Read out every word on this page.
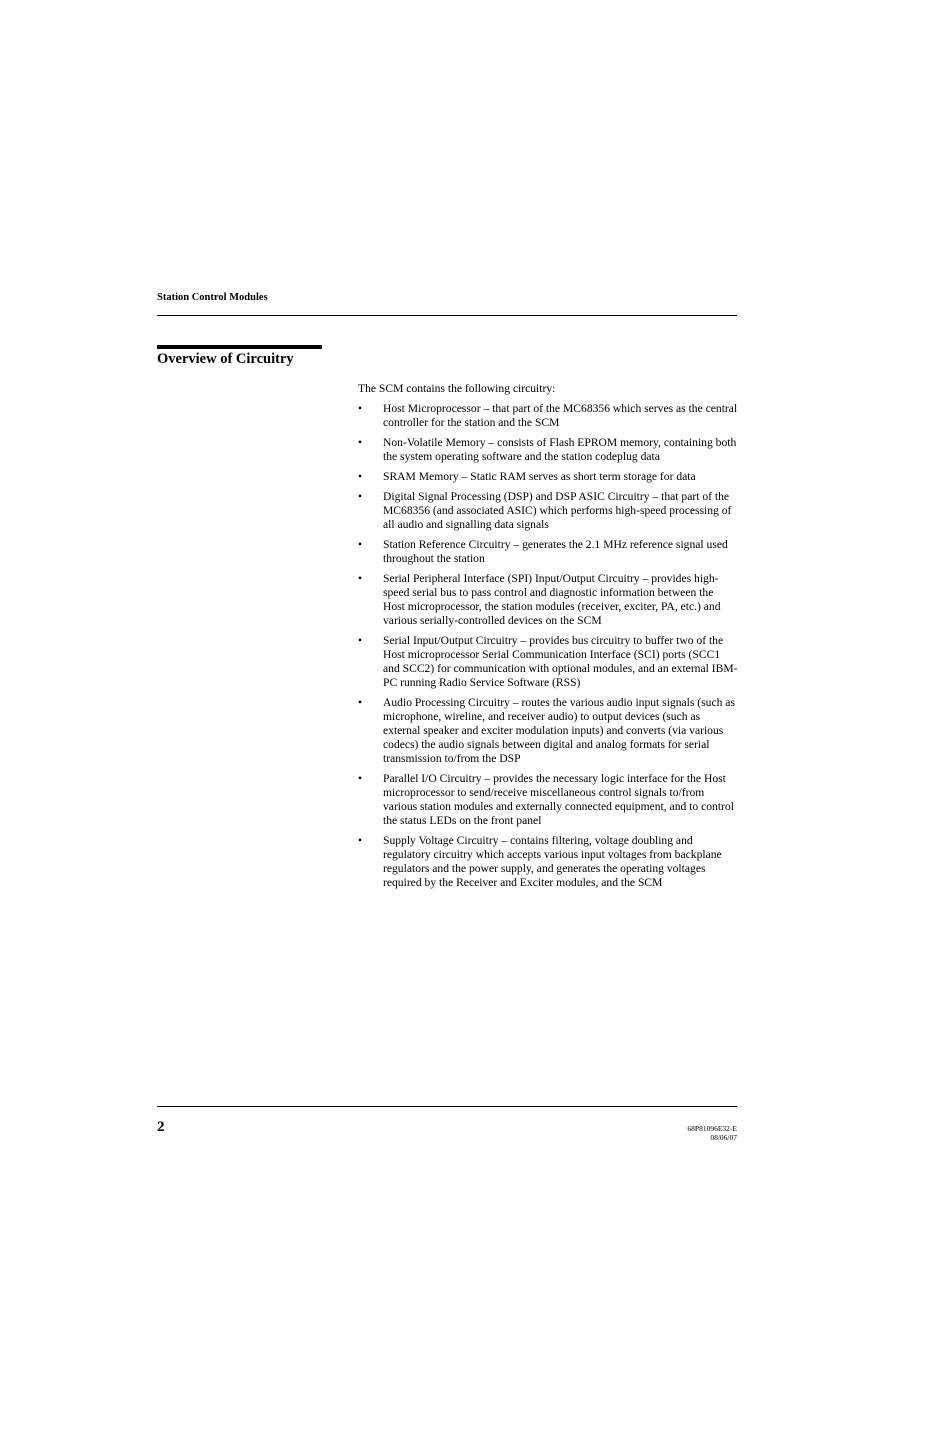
Station Control Modules
Overview of Circuitry

The SCM contains the following circuitry:

• Host Microprocessor – that part of the MC68356 which serves as the central controller for the station and the SCM
• Non-Volatile Memory – consists of Flash EPROM memory, containing both the system operating software and the station codeplug data
• SRAM Memory – Static RAM serves as short term storage for data
• Digital Signal Processing (DSP) and DSP ASIC Circuitry – that part of the MC68356 (and associated ASIC) which performs high-speed processing of all audio and signalling data signals
• Station Reference Circuitry – generates the 2.1 MHz reference signal used throughout the station
• Serial Peripheral Interface (SPI) Input/Output Circuitry – provides high-speed serial bus to pass control and diagnostic information between the Host microprocessor, the station modules (receiver, exciter, PA, etc.) and various serially-controlled devices on the SCM
• Serial Input/Output Circuitry – provides bus circuitry to buffer two of the Host microprocessor Serial Communication Interface (SCI) ports (SCC1 and SCC2) for communication with optional modules, and an external IBM-PC running Radio Service Software (RSS)
• Audio Processing Circuitry – routes the various audio input signals (such as microphone, wireline, and receiver audio) to output devices (such as external speaker and exciter modulation inputs) and converts (via various codecs) the audio signals between digital and analog formats for serial transmission to/from the DSP
• Parallel I/O Circuitry – provides the necessary logic interface for the Host microprocessor to send/receive miscellaneous control signals to/from various station modules and externally connected equipment, and to control the status LEDs on the front panel
• Supply Voltage Circuitry – contains filtering, voltage doubling and regulatory circuitry which accepts various input voltages from backplane regulators and the power supply, and generates the operating voltages required by the Receiver and Exciter modules, and the SCM
2	68P81096E32-E
08/06/07
